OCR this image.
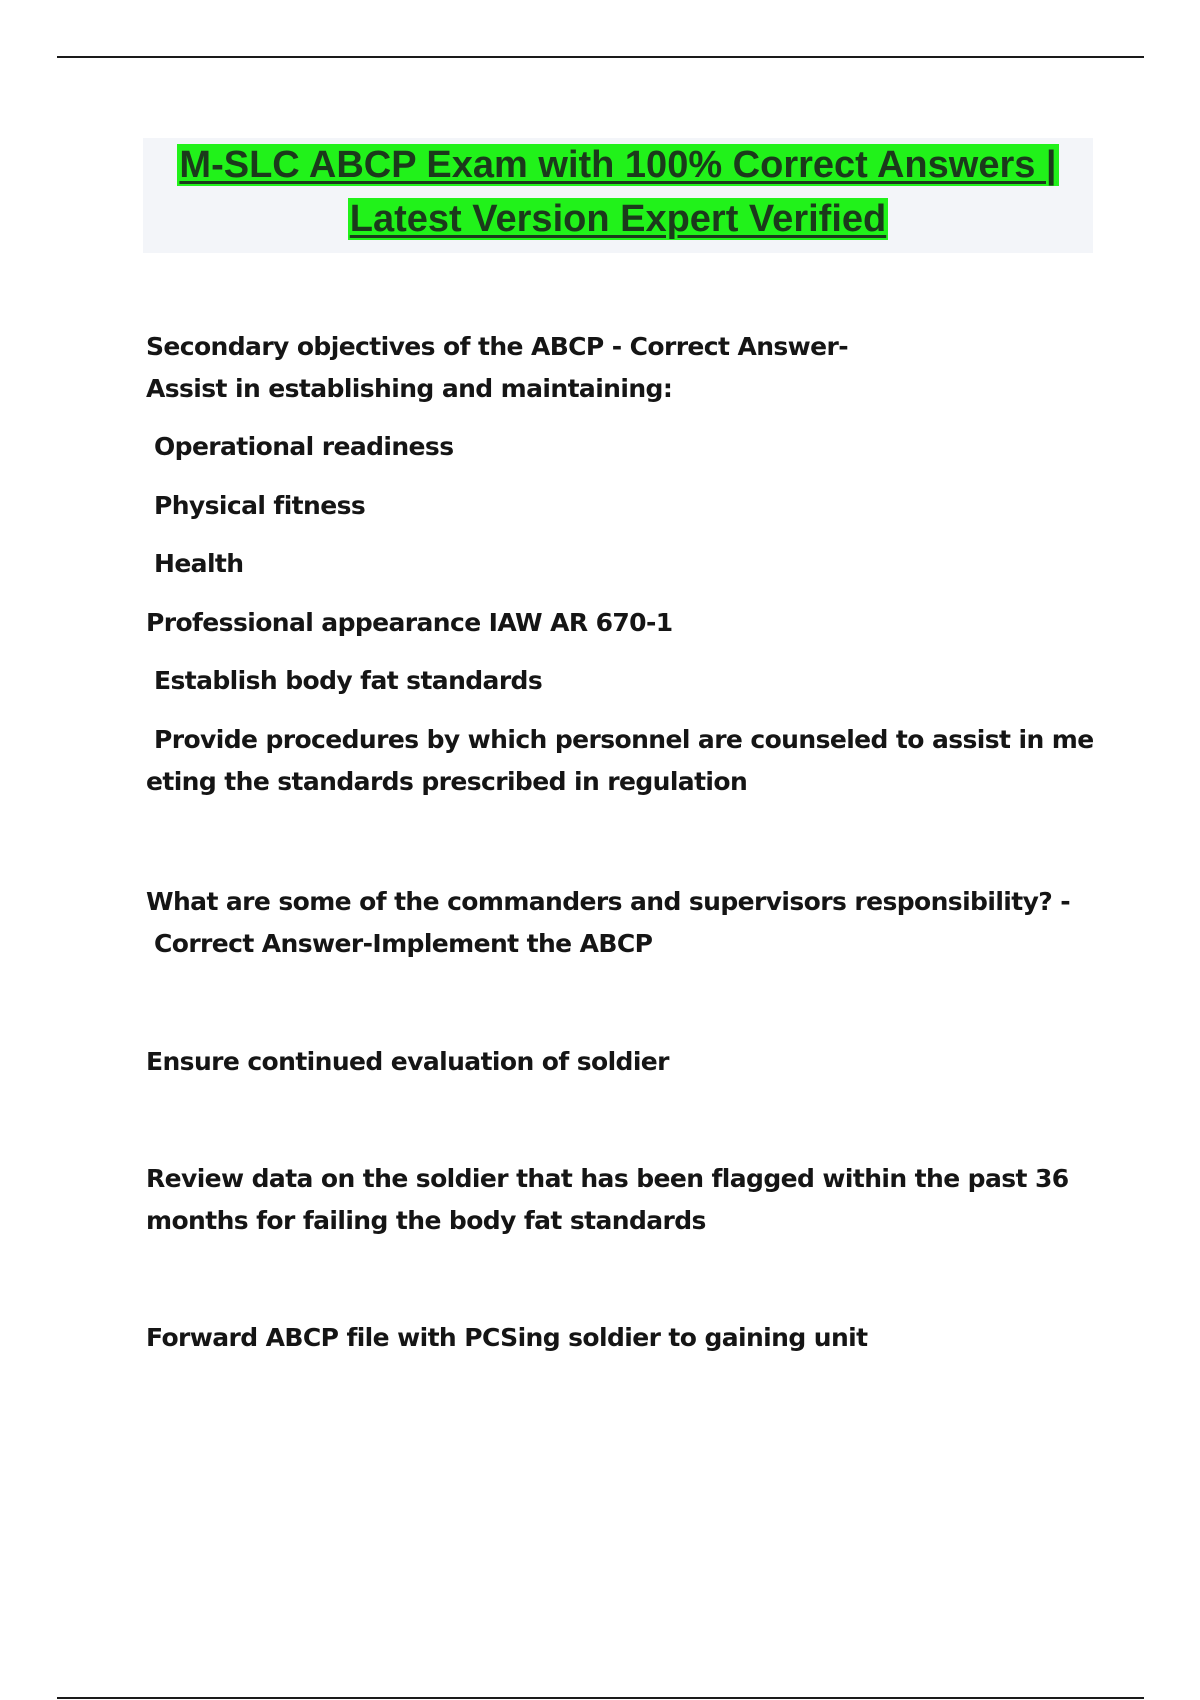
M-SLC ABCP Exam with 100% Correct Answers |
Latest Version Expert Verified
Secondary objectives of the ABCP - Correct Answer-
Assist in establishing and maintaining:
Operational readiness
Physical fitness
Health
Professional appearance IAW AR 670-1
Establish body fat standards
Provide procedures by which personnel are counseled to assist in me
eting the standards prescribed in regulation
What are some of the commanders and supervisors responsibility? -
Correct Answer-Implement the ABCP
Ensure continued evaluation of soldier
Review data on the soldier that has been flagged within the past 36
months for failing the body fat standards
Forward ABCP file with PCSing soldier to gaining unit
